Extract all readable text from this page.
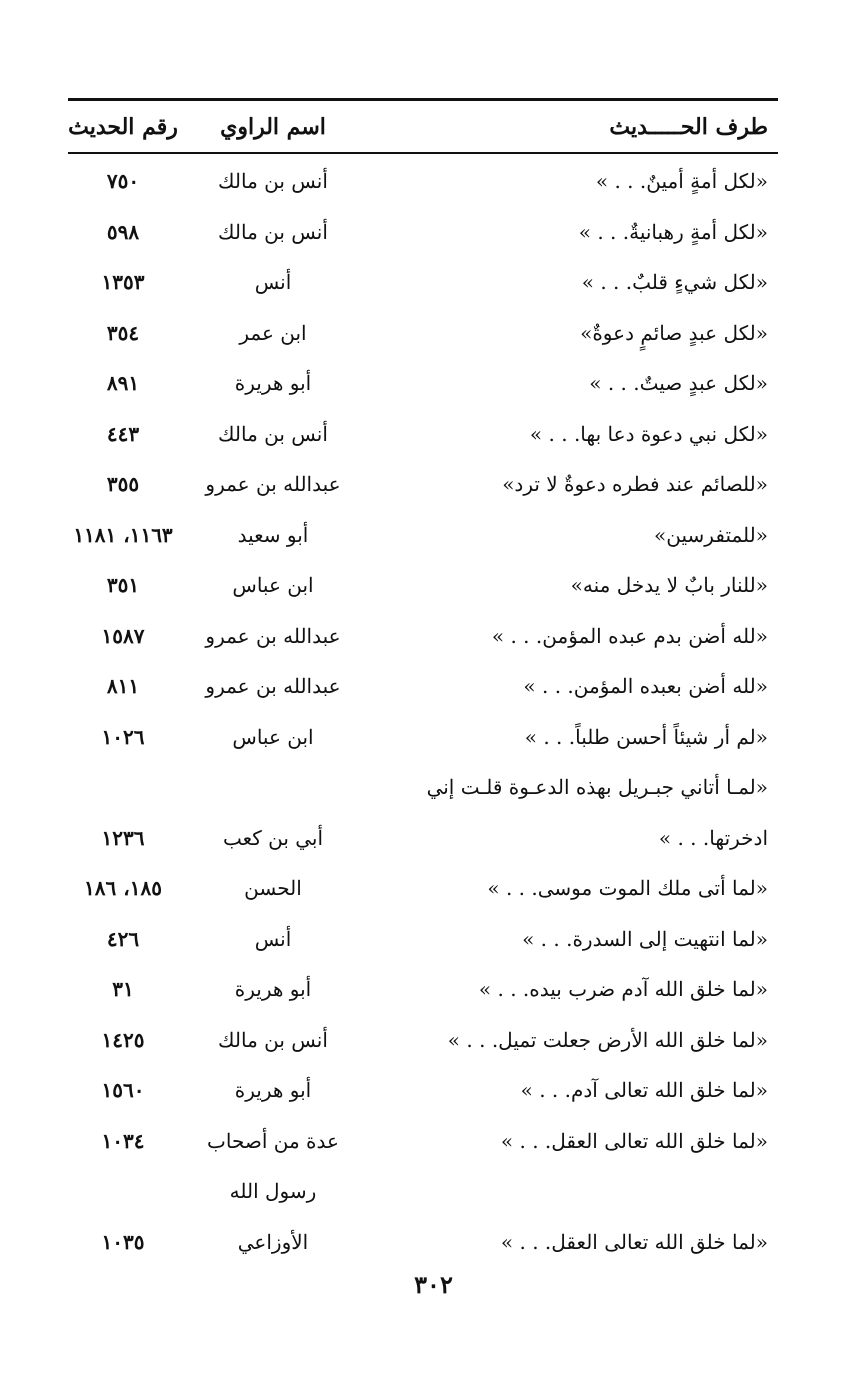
طرف الحـــــديث
اسم الراوي
رقم الحديث
«لكل أمةٍ أمينٌ. . . »
أنس بن مالك
٧٥٠
«لكل أمةٍ رهبانيةٌ. . . »
أنس بن مالك
٥٩٨
«لكل شيءٍ قلبٌ. . . »
أنس
١٣٥٣
«لكل عبدٍ صائمٍ دعوةٌ»
ابن عمر
٣٥٤
«لكل عبدٍ صيتٌ. . . »
أبو هريرة
٨٩١
«لكل نبي دعوة دعا بها. . . »
أنس بن مالك
٤٤٣
«للصائم عند فطره دعوةٌ لا ترد»
عبدالله بن عمرو
٣٥٥
«للمتفرسين»
أبو سعيد
١١٦٣، ١١٨١
«للنار بابٌ لا يدخل منه»
ابن عباس
٣٥١
«لله أضن بدم عبده المؤمن. . . »
عبدالله بن عمرو
١٥٨٧
«لله أضن بعبده المؤمن. . . »
عبدالله بن عمرو
٨١١
«لم أر شيئاً أحسن طلباً. . . »
ابن عباس
١٠٢٦
«لمـا أتاني جبـريل بهذه الدعـوة قلـت إني
ادخرتها. . . »
أبي بن كعب
١٢٣٦
«لما أتى ملك الموت موسى. . . »
الحسن
١٨٥، ١٨٦
«لما انتهيت إلى السدرة. . . »
أنس
٤٢٦
«لما خلق الله آدم ضرب بيده. . . »
أبو هريرة
٣١
«لما خلق الله الأرض جعلت تميل. . . »
أنس بن مالك
١٤٢٥
«لما خلق الله تعالى آدم. . . »
أبو هريرة
١٥٦٠
«لما خلق الله تعالى العقل. . . »
عدة من أصحاب
١٠٣٤
رسول الله
«لما خلق الله تعالى العقل. . . »
الأوزاعي
١٠٣٥
٣٠٢
